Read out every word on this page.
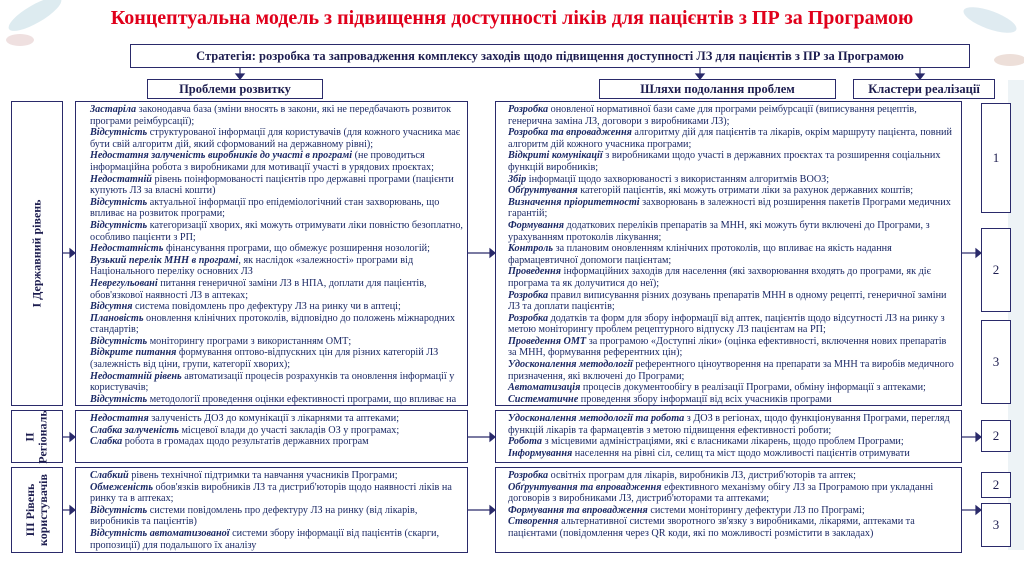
Концептуальна модель з підвищення доступності ліків для пацієнтів з ПР за Програмою
Стратегія: розробка та запровадження комплексу заходів щодо підвищення доступності ЛЗ для пацієнтів з ПР за Програмою
Проблеми розвитку	Шляхи подолання проблем	Кластери реалізації
І Державний рівень
ІІ
Регіональ
ІІІ Рівень
користувачів

Застаріла законодавча база (зміни вносять в закони, які не передбачають розвиток програми реімбурсації);

Відсутність структурованої інформації для користувачів (для кожного учасника має бути свій алгоритм дій, який сформований на державному рівні);

Недостатня залученість виробників до участі в програмі (не проводиться інформаційна робота з виробниками для мотивації участі в урядових проєктах;

Недостатній рівень поінформованості пацієнтів про державні програми (пацієнти купують ЛЗ за власні кошти)

Відсутність актуальної інформації про епідеміологічний стан захворювань, що впливає на розвиток програми;

Відсутність категоризації хворих, які можуть отримувати ліки повністю безоплатно, особливо пацієнти з РП;

Недостатність фінансування програми, що обмежує розширення нозологій;

Вузький перелік МНН в програмі, як наслідок «залежності» програми від Національного переліку основних ЛЗ

Неврегульовані питання генеричної заміни ЛЗ в НПА, доплати для пацієнтів, обов'язкової наявності ЛЗ в аптеках;

Відсутня система повідомлень про дефектуру ЛЗ на ринку чи в аптеці;

Плановість оновлення клінічних протоколів, відповідно до положень міжнародних стандартів;

Відсутність моніторингу програми з використанням ОМТ;

Відкрите питання формування оптово-відпускних цін для різних категорій ЛЗ (залежність від ціни, групи, категорії хворих);

Недостатній рівень автоматизації процесів розрахунків та оновлення інформації у користувачів;

Відсутність методології проведення оцінки ефективності програми, що впливає на

Недостатня залученість ДОЗ до комунікації з лікарнями та аптеками;

Слабка залученість місцевої влади до участі закладів ОЗ у програмах;

Слабка робота в громадах щодо результатів державних програм

Слабкий рівень технічної підтримки та навчання учасників Програми;

Обмеженість обов'язків виробників ЛЗ та дистриб'юторів щодо наявності ліків на ринку та в аптеках;

Відсутність системи повідомлень про дефектуру ЛЗ на ринку (від лікарів, виробників та пацієнтів)

Відсутність автоматизованої системи збору інформації від пацієнтів (скарги, пропозиції) для подальшого їх аналізу

Розробка оновленої нормативної бази саме для програми реімбурсації (виписування рецептів, генерична заміна ЛЗ, договори з виробниками ЛЗ);

Розробка та впровадження алгоритму дій для пацієнтів та лікарів, окрім маршруту пацієнта, повний алгоритм дій кожного учасника програми;

Відкриті комунікації з виробниками щодо участі в державних проєктах та розширення соціальних функцій виробників;

Збір інформації щодо захворюваності з використанням алгоритмів ВООЗ;

Обґрунтування категорій пацієнтів, які можуть отримати ліки за рахунок державних коштів;

Визначення пріоритетності захворювань в залежності від розширення пакетів Програми медичних гарантій;

Формування додаткових переліків препаратів за МНН, які можуть бути включені до Програми, з урахуванням протоколів лікування;

Контроль за плановим оновленням клінічних протоколів, що впливає на якість надання фармацевтичної допомоги пацієнтам;

Проведення інформаційних заходів для населення (які захворювання входять до програми, як діє програма та як долучитися до неї);

Розробка правил виписування різних дозувань препаратів МНН в одному рецепті, генеричної заміни ЛЗ та доплати пацієнтів;

Розробка додатків та форм для збору інформації від аптек, пацієнтів щодо відсутності ЛЗ на ринку з метою моніторингу проблем рецептурного відпуску ЛЗ пацієнтам на РП;

Проведення ОМТ за програмою «Доступні ліки» (оцінка ефективності, включення нових препаратів за МНН, формування референтних цін);

Удосконалення методології референтного ціноутворення на препарати за МНН та виробів медичного призначення, які включені до Програми;

Автоматизація процесів документообігу в реалізації Програми, обміну інформації з аптеками;

Систематичне проведення збору інформації від всіх учасників програми

Удосконалення методології та робота з ДОЗ в регіонах, щодо функціонування Програми, перегляд функцій лікарів та фармацевтів з метою підвищення ефективності роботи;

Робота з місцевими адміністраціями, які є власниками лікарень, щодо проблем Програми;

Інформування населення на рівні сіл, селищ та міст щодо можливості пацієнтів отримувати

Розробка освітніх програм для лікарів, виробників ЛЗ, дистриб'юторів та аптек;

Обґрунтування та впровадження ефективного механізму обігу ЛЗ за Програмою при укладанні договорів з виробниками ЛЗ, дистриб'юторами та аптеками;

Формування та впровадження системи моніторингу дефектури ЛЗ по Програмі;

Створення альтернативної системи зворотного зв'язку з виробниками, лікарями, аптеками та пацієнтами (повідомлення через QR коди, які по можливості розмістити в закладах)

1
2
3
2
2
3
